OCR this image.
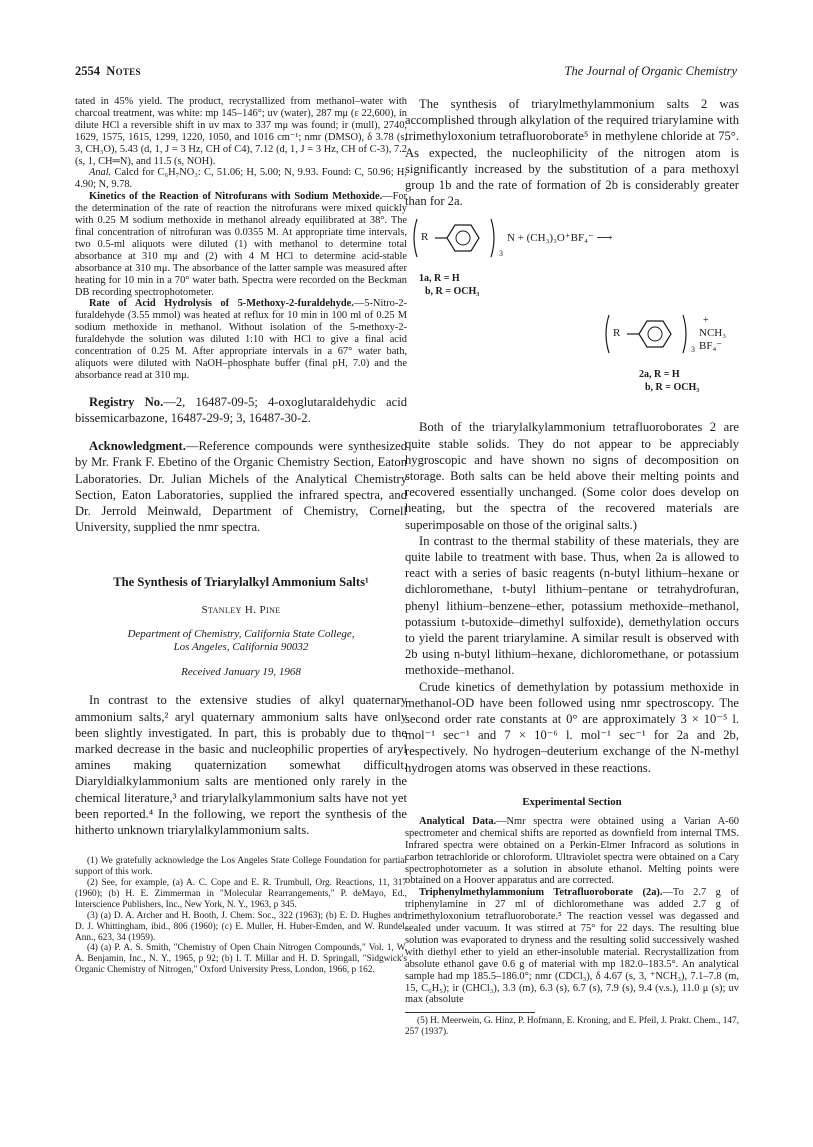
2554 Notes	The Journal of Organic Chemistry

tated in 45% yield. The product, recrystallized from methanol–water with charcoal treatment, was white: mp 145–146°; uv (water), 287 mμ (ε 22,600), in dilute HCl a reversible shift in uv max to 337 mμ was found; ir (mull), 2740, 1629, 1575, 1615, 1299, 1220, 1050, and 1016 cm⁻¹; nmr (DMSO), δ 3.78 (s, 3, CH₃O), 5.43 (d, 1, J = 3 Hz, CH of C4), 7.12 (d, 1, J = 3 Hz, CH of C-3), 7.2 (s, 1, CH═N), and 11.5 (s, NOH).

Anal. Calcd for C₆H₇NO₃: C, 51.06; H, 5.00; N, 9.93. Found: C, 50.96; H, 4.90; N, 9.78.

Kinetics of the Reaction of Nitrofurans with Sodium Methoxide.—For the determination of the rate of reaction the nitrofurans were mixed quickly with 0.25 M sodium methoxide in methanol already equilibrated at 38°. The final concentration of nitrofuran was 0.0355 M. At appropriate time intervals, two 0.5-ml aliquots were diluted (1) with methanol to determine total absorbance at 310 mμ and (2) with 4 M HCl to determine acid-stable absorbance at 310 mμ. The absorbance of the latter sample was measured after heating for 10 min in a 70° water bath. Spectra were recorded on the Beckman DB recording spectrophotometer.

Rate of Acid Hydrolysis of 5-Methoxy-2-furaldehyde.—5-Nitro-2-furaldehyde (3.55 mmol) was heated at reflux for 10 min in 100 ml of 0.25 M sodium methoxide in methanol. Without isolation of the 5-methoxy-2-furaldehyde the solution was diluted 1:10 with HCl to give a final acid concentration of 0.25 M. After appropriate intervals in a 67° water bath, aliquots were diluted with NaOH–phosphate buffer (final pH, 7.0) and the absorbance read at 310 mμ.

Registry No.—2, 16487-09-5; 4-oxoglutaraldehydic acid bissemicarbazone, 16487-29-9; 3, 16487-30-2.

Acknowledgment.—Reference compounds were synthesized by Mr. Frank F. Ebetino of the Organic Chemistry Section, Eaton Laboratories. Dr. Julian Michels of the Analytical Chemistry Section, Eaton Laboratories, supplied the infrared spectra, and Dr. Jerrold Meinwald, Department of Chemistry, Cornell University, supplied the nmr spectra.

The Synthesis of Triarylalkyl Ammonium Salts¹

Stanley H. Pine

Department of Chemistry, California State College,

Los Angeles, California 90032

Received January 19, 1968

In contrast to the extensive studies of alkyl quaternary ammonium salts,² aryl quaternary ammonium salts have only been slightly investigated. In part, this is probably due to the marked decrease in the basic and nucleophilic properties of aryl amines making quaternization somewhat difficult. Diaryldialkylammonium salts are mentioned only rarely in the chemical literature,³ and triarylalkylammonium salts have not yet been reported.⁴ In the following, we report the synthesis of the hitherto unknown triarylalkylammonium salts.

(1) We gratefully acknowledge the Los Angeles State College Foundation for partial support of this work.

(2) See, for example, (a) A. C. Cope and E. R. Trumbull, Org. Reactions, 11, 317 (1960); (b) H. E. Zimmerman in "Molecular Rearrangements," P. deMayo, Ed., Interscience Publishers, Inc., New York, N. Y., 1963, p 345.

(3) (a) D. A. Archer and H. Booth, J. Chem. Soc., 322 (1963); (b) E. D. Hughes and D. J. Whittingham, ibid., 806 (1960); (c) E. Muller, H. Huber-Emden, and W. Rundel, Ann., 623, 34 (1959).

(4) (a) P. A. S. Smith, "Chemistry of Open Chain Nitrogen Compounds," Vol. 1, W. A. Benjamin, Inc., N. Y., 1965, p 92; (b) I. T. Millar and H. D. Springall, "Sidgwick's Organic Chemistry of Nitrogen," Oxford University Press, London, 1966, p 162.

The synthesis of triarylmethylammonium salts 2 was accomplished through alkylation of the required triarylamine with trimethyloxonium tetrafluoroborate⁵ in methylene chloride at 75°. As expected, the nucleophilicity of the nitrogen atom is significantly increased by the substitution of a para methoxyl group 1b and the rate of formation of 2b is considerably greater than for 2a.

R
3
N + (CH₃)₃O⁺BF₄⁻ ⟶
1a, R = H
b, R = OCH₃
R
3
+
NCH₃ BF₄⁻
2a, R = H
b, R = OCH₃

Both of the triarylalkylammonium tetrafluoroborates 2 are quite stable solids. They do not appear to be appreciably hygroscopic and have shown no signs of decomposition on storage. Both salts can be held above their melting points and recovered essentially unchanged. (Some color does develop on heating, but the spectra of the recovered materials are superimposable on those of the original salts.)

In contrast to the thermal stability of these materials, they are quite labile to treatment with base. Thus, when 2a is allowed to react with a series of basic reagents (n-butyl lithium–hexane or dichloromethane, t-butyl lithium–pentane or tetrahydrofuran, phenyl lithium–benzene–ether, potassium methoxide–methanol, potassium t-butoxide–dimethyl sulfoxide), demethylation occurs to yield the parent triarylamine. A similar result is observed with 2b using n-butyl lithium–hexane, dichloromethane, or potassium methoxide–methanol.

Crude kinetics of demethylation by potassium methoxide in methanol-OD have been followed using nmr spectroscopy. The second order rate constants at 0° are approximately 3 × 10⁻⁵ l. mol⁻¹ sec⁻¹ and 7 × 10⁻⁶ l. mol⁻¹ sec⁻¹ for 2a and 2b, respectively. No hydrogen–deuterium exchange of the N-methyl hydrogen atoms was observed in these reactions.

Experimental Section

Analytical Data.—Nmr spectra were obtained using a Varian A-60 spectrometer and chemical shifts are reported as downfield from internal TMS. Infrared spectra were obtained on a Perkin-Elmer Infracord as solutions in carbon tetrachloride or chloroform. Ultraviolet spectra were obtained on a Cary spectrophotometer as a solution in absolute ethanol. Melting points were obtained on a Hoover apparatus and are corrected.

Triphenylmethylammonium Tetrafluoroborate (2a).—To 2.7 g of triphenylamine in 27 ml of dichloromethane was added 2.7 g of trimethyloxonium tetrafluoroborate.⁵ The reaction vessel was degassed and sealed under vacuum. It was stirred at 75° for 22 days. The resulting blue solution was evaporated to dryness and the resulting solid successively washed with diethyl ether to yield an ether-insoluble material. Recrystallization from absolute ethanol gave 0.6 g of material with mp 182.0–183.5°. An analytical sample had mp 185.5–186.0°; nmr (CDCl₃), δ 4.67 (s, 3, ⁺NCH₃), 7.1–7.8 (m, 15, C₆H₅); ir (CHCl₃), 3.3 (m), 6.3 (s), 6.7 (s), 7.9 (s), 9.4 (v.s.), 11.0 μ (s); uv max (absolute

(5) H. Meerwein, G. Hinz, P. Hofmann, E. Kroning, and E. Pfeil, J. Prakt. Chem., 147, 257 (1937).
